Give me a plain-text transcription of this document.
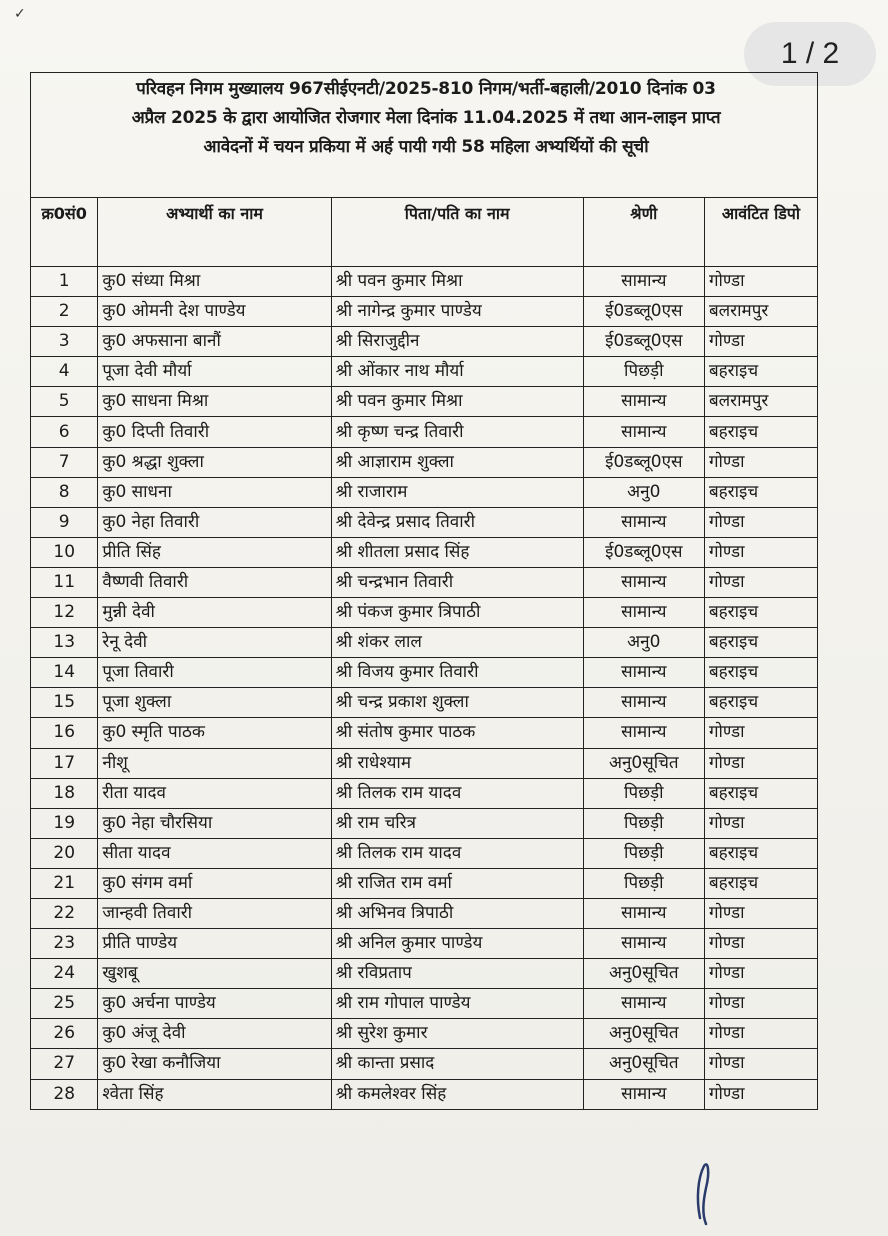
✓
1 / 2
परिवहन निगम मुख्यालय 967सीईएनटी/2025-810 निगम/भर्ती-बहाली/2010 दिनांक 03
अप्रैल 2025 के द्वारा आयोजित रोजगार मेला दिनांक 11.04.2025 में तथा आन-लाइन प्राप्त
आवेदनों में चयन प्रकिया में अर्ह पायी गयी 58 महिला अभ्यर्थियों की सूची
क्र0सं0	अभ्यार्थी का नाम	पिता/पति का नाम	श्रेणी	आवंटित डिपो
1	कु0 संध्या मिश्रा	श्री पवन कुमार मिश्रा	सामान्य	गोण्डा
2	कु0 ओमनी देश पाण्डेय	श्री नागेन्द्र कुमार पाण्डेय	ई0डब्लू0एस	बलरामपुर
3	कु0 अफसाना बानौं	श्री सिराजुद्दीन	ई0डब्लू0एस	गोण्डा
4	पूजा देवी मौर्या	श्री ओंकार नाथ मौर्या	पिछड़ी	बहराइच
5	कु0 साधना मिश्रा	श्री पवन कुमार मिश्रा	सामान्य	बलरामपुर
6	कु0 दिप्ती तिवारी	श्री कृष्ण चन्द्र तिवारी	सामान्य	बहराइच
7	कु0 श्रद्धा शुक्ला	श्री आज्ञाराम शुक्ला	ई0डब्लू0एस	गोण्डा
8	कु0 साधना	श्री राजाराम	अनु0	बहराइच
9	कु0 नेहा तिवारी	श्री देवेन्द्र प्रसाद तिवारी	सामान्य	गोण्डा
10	प्रीति सिंह	श्री शीतला प्रसाद सिंह	ई0डब्लू0एस	गोण्डा
11	वैष्णवी तिवारी	श्री चन्द्रभान तिवारी	सामान्य	गोण्डा
12	मुन्नी देवी	श्री पंकज कुमार त्रिपाठी	सामान्य	बहराइच
13	रेनू देवी	श्री शंकर लाल	अनु0	बहराइच
14	पूजा तिवारी	श्री विजय कुमार तिवारी	सामान्य	बहराइच
15	पूजा शुक्ला	श्री चन्द्र प्रकाश शुक्ला	सामान्य	बहराइच
16	कु0 स्मृति पाठक	श्री संतोष कुमार पाठक	सामान्य	गोण्डा
17	नीशू	श्री राधेश्याम	अनु0सूचित	गोण्डा
18	रीता यादव	श्री तिलक राम यादव	पिछड़ी	बहराइच
19	कु0 नेहा चौरसिया	श्री राम चरित्र	पिछड़ी	गोण्डा
20	सीता यादव	श्री तिलक राम यादव	पिछड़ी	बहराइच
21	कु0 संगम वर्मा	श्री राजित राम वर्मा	पिछड़ी	बहराइच
22	जान्हवी तिवारी	श्री अभिनव त्रिपाठी	सामान्य	गोण्डा
23	प्रीति पाण्डेय	श्री अनिल कुमार पाण्डेय	सामान्य	गोण्डा
24	खुशबू	श्री रविप्रताप	अनु0सूचित	गोण्डा
25	कु0 अर्चना पाण्डेय	श्री राम गोपाल पाण्डेय	सामान्य	गोण्डा
26	कु0 अंजू देवी	श्री सुरेश कुमार	अनु0सूचित	गोण्डा
27	कु0 रेखा कनौजिया	श्री कान्ता प्रसाद	अनु0सूचित	गोण्डा
28	श्वेता सिंह	श्री कमलेश्वर सिंह	सामान्य	गोण्डा
